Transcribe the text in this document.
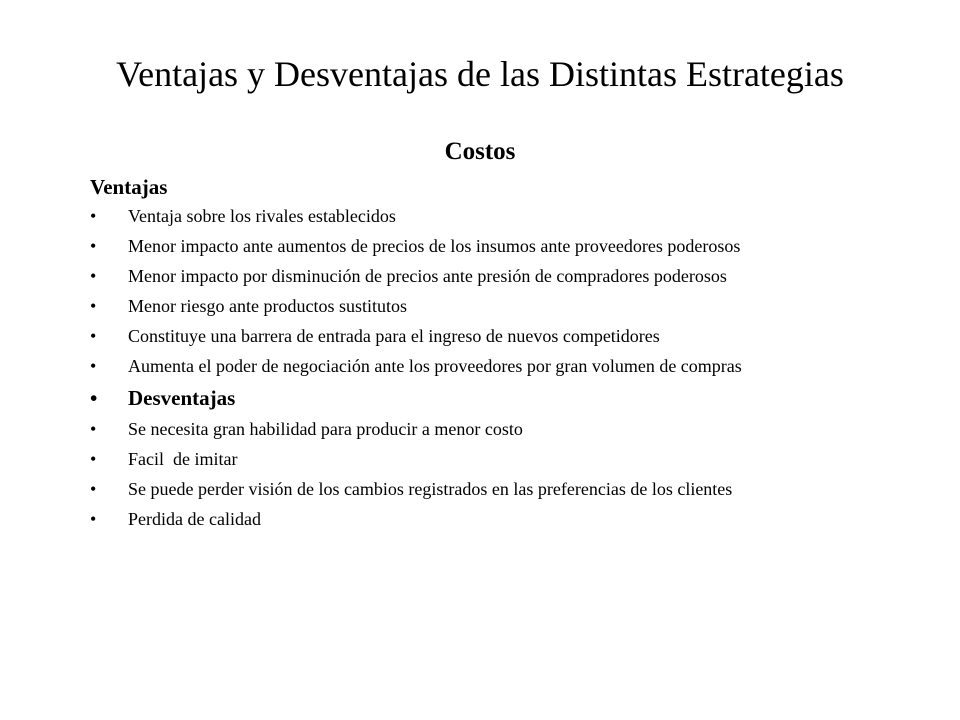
Ventajas y Desventajas de las Distintas Estrategias
Costos
Ventajas
• Ventaja sobre los rivales establecidos
• Menor impacto ante aumentos de precios de los insumos ante proveedores poderosos
• Menor impacto por disminución de precios ante presión de compradores poderosos
• Menor riesgo ante productos sustitutos
• Constituye una barrera de entrada para el ingreso de nuevos competidores
• Aumenta el poder de negociación ante los proveedores por gran volumen de compras
• Desventajas
• Se necesita gran habilidad para producir a menor costo
• Facil  de imitar
• Se puede perder visión de los cambios registrados en las preferencias de los clientes
• Perdida de calidad
